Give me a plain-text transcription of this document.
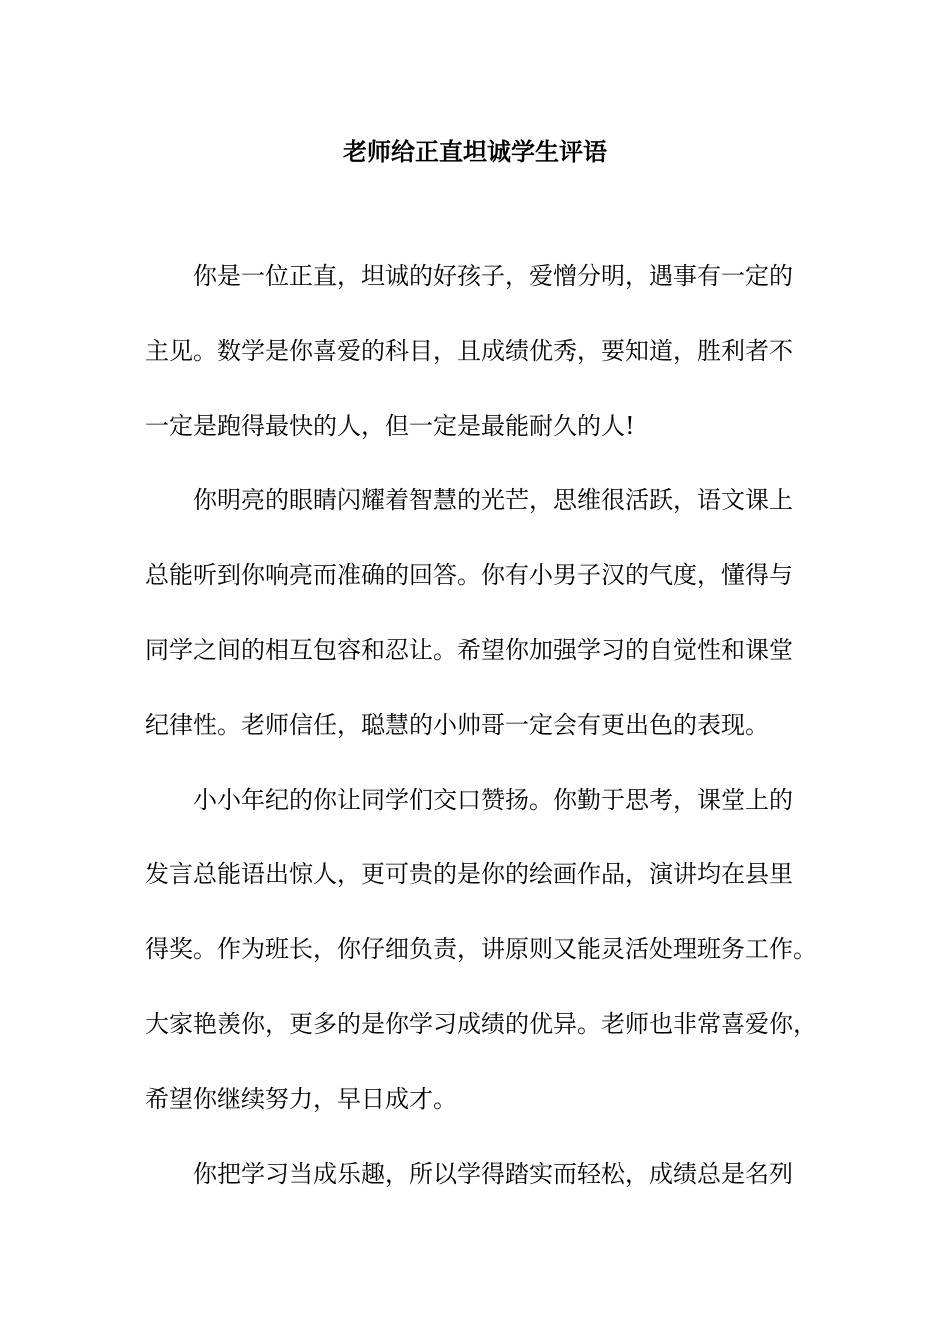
老师给正直坦诚学生评语
你是一位正直，坦诚的好孩子，爱憎分明，遇事有一定的
主见。数学是你喜爱的科目，且成绩优秀，要知道，胜利者不
一定是跑得最快的人，但一定是最能耐久的人!
你明亮的眼睛闪耀着智慧的光芒，思维很活跃，语文课上
总能听到你响亮而准确的回答。你有小男子汉的气度，懂得与
同学之间的相互包容和忍让。希望你加强学习的自觉性和课堂
纪律性。老师信任，聪慧的小帅哥一定会有更出色的表现。
小小年纪的你让同学们交口赞扬。你勤于思考，课堂上的
发言总能语出惊人，更可贵的是你的绘画作品，演讲均在县里
得奖。作为班长，你仔细负责，讲原则又能灵活处理班务工作。
大家艳羡你，更多的是你学习成绩的优异。老师也非常喜爱你，
希望你继续努力，早日成才。
你把学习当成乐趣，所以学得踏实而轻松，成绩总是名列
